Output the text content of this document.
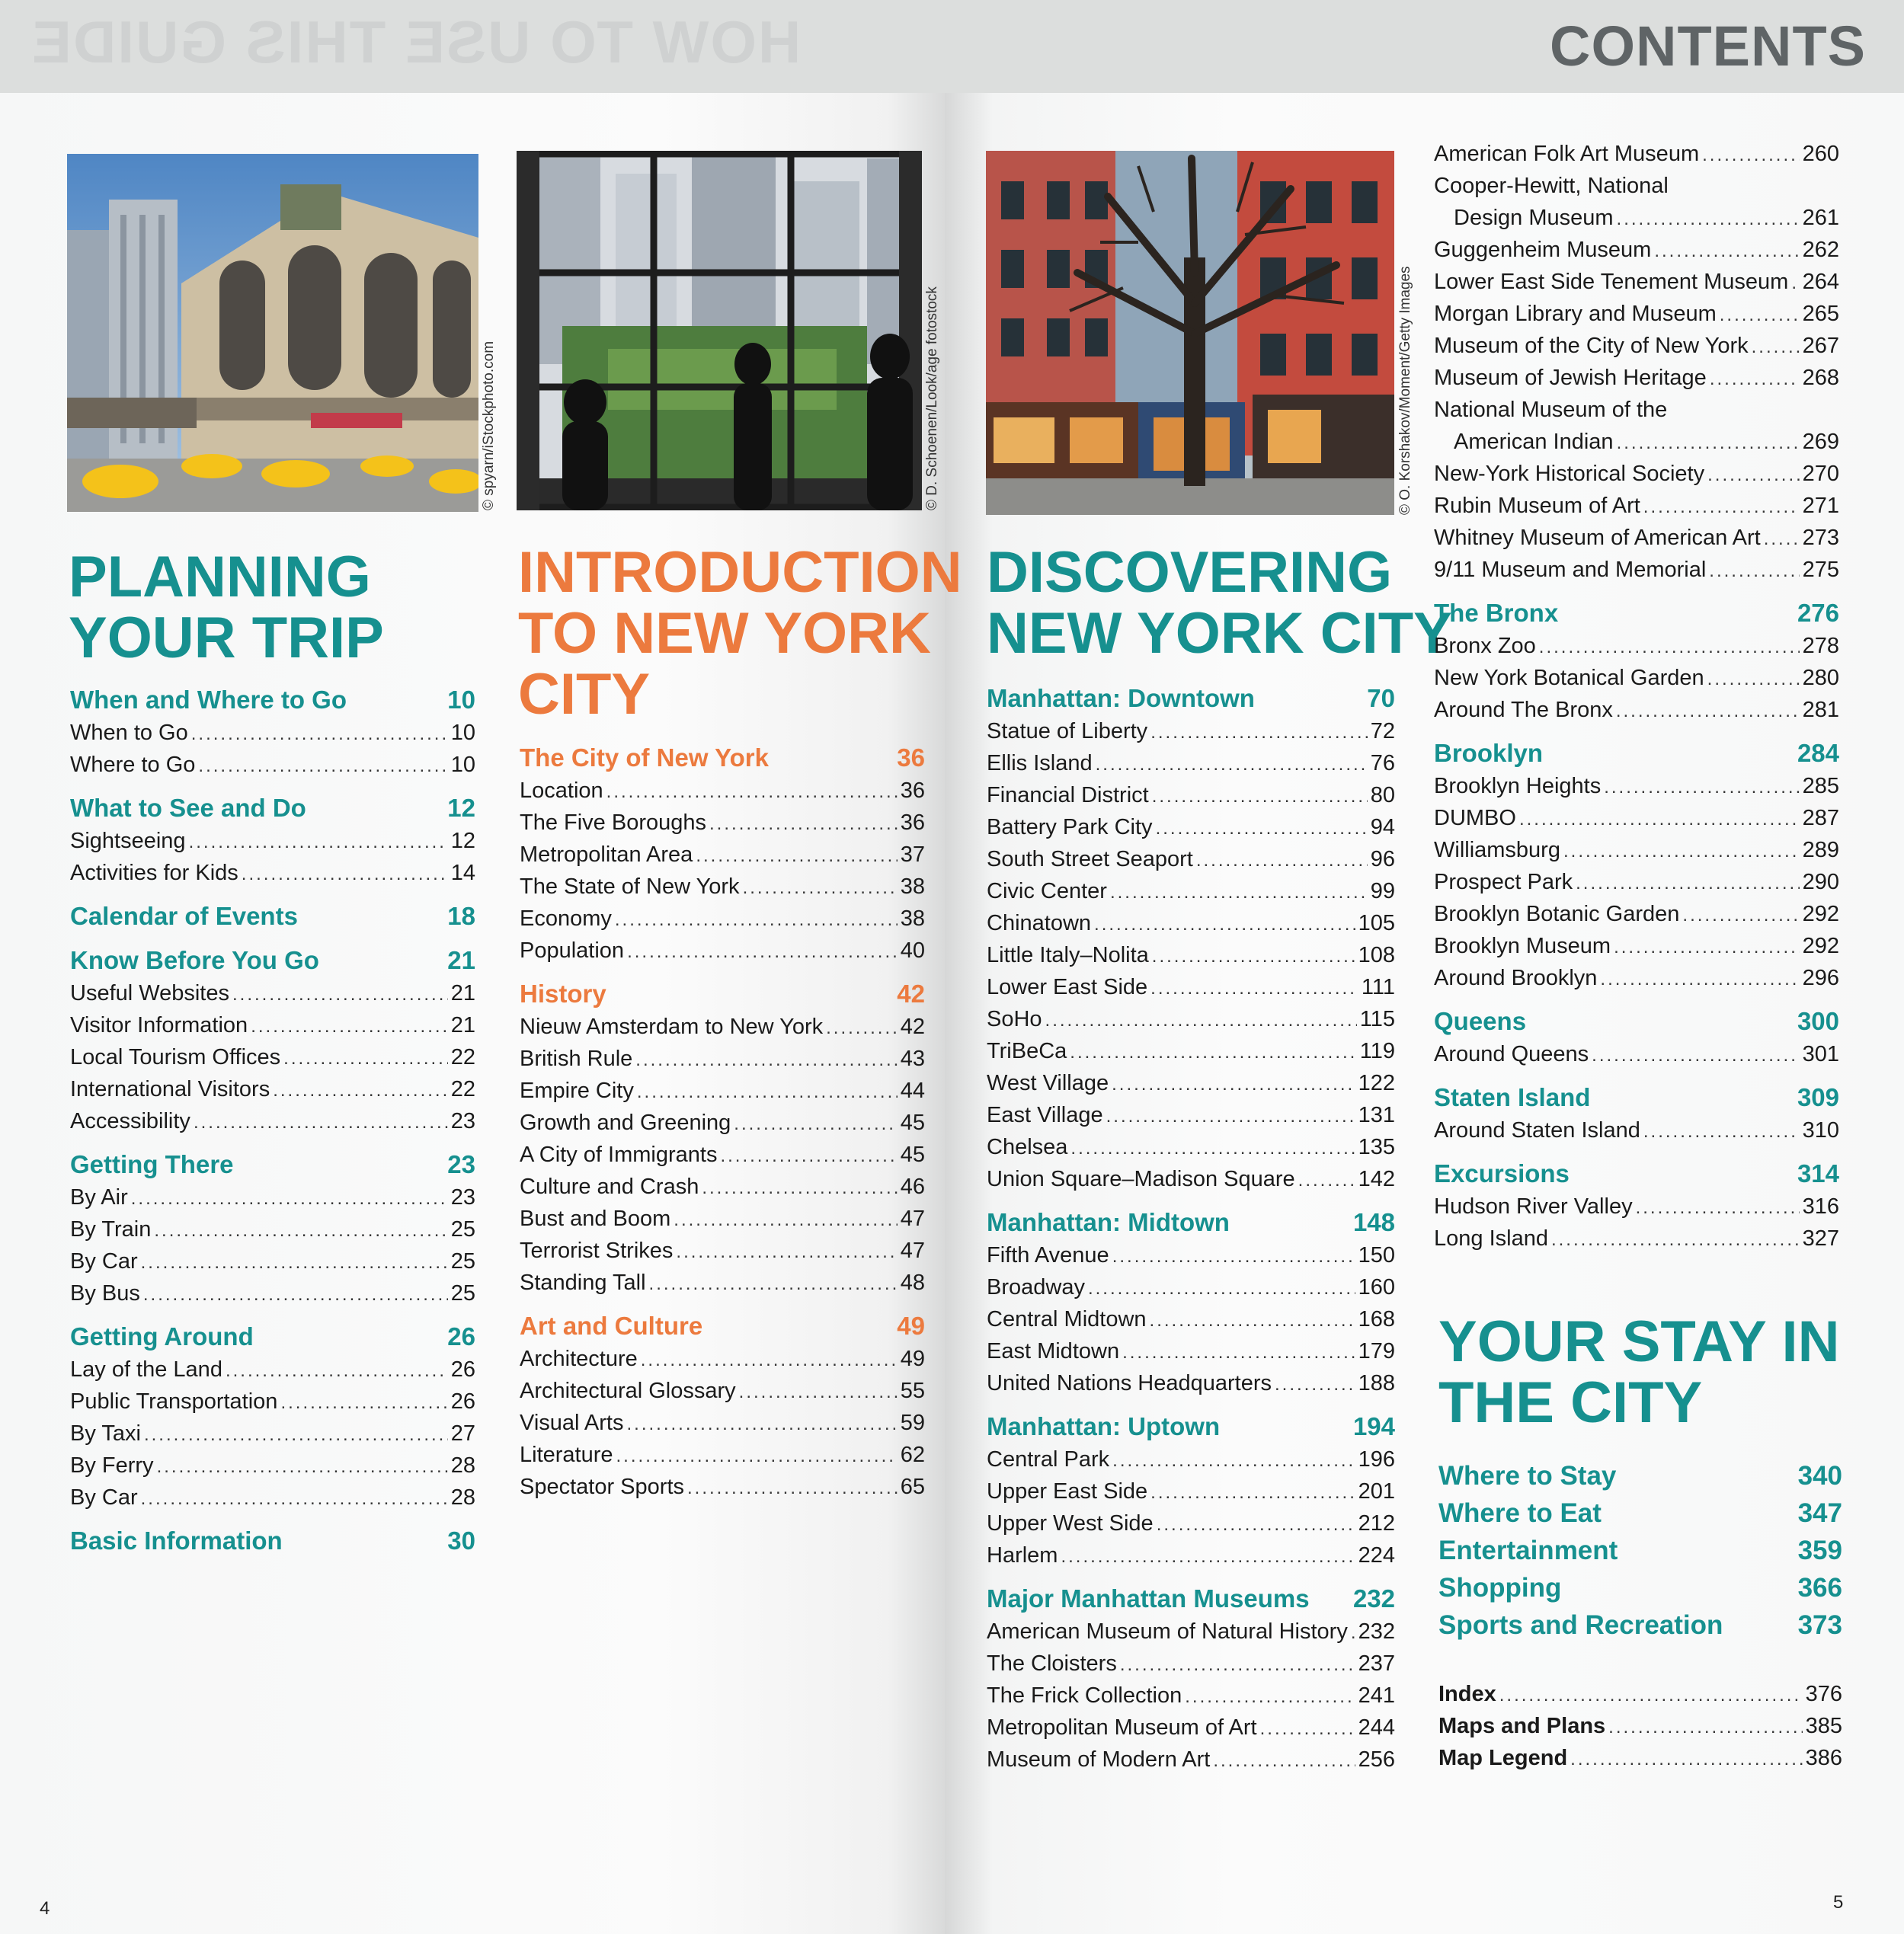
HOW TO USE THIS GUIDE	CONTENTS
© spyarn/iStockphoto.com	© D. Schoenen/Look/age fotostock	© O. Korshakov/Moment/Getty Images
PLANNING
YOUR TRIP
INTRODUCTION
TO NEW YORK
CITY
DISCOVERING
NEW YORK CITY
YOUR STAY IN
THE CITY
When and Where to Go	10
When to Go .....	10
Where to Go .....	10
What to See and Do	12
Sightseeing .....	12
Activities for Kids .....	14
Calendar of Events	18
Know Before You Go	21
Useful Websites .....	21
Visitor Information .....	21
Local Tourism Offices .....	22
International Visitors .....	22
Accessibility .....	23
Getting There	23
By Air .....	23
By Train .....	25
By Car .....	25
By Bus .....	25
Getting Around	26
Lay of the Land .....	26
Public Transportation .....	26
By Taxi .....	27
By Ferry .....	28
By Car .....	28
Basic Information	30
The City of New York	36
Location .....	36
The Five Boroughs .....	36
Metropolitan Area .....	37
The State of New York .....	38
Economy .....	38
Population .....	40
History	42
Nieuw Amsterdam to New York .....	42
British Rule .....	43
Empire City .....	44
Growth and Greening .....	45
A City of Immigrants .....	45
Culture and Crash .....	46
Bust and Boom .....	47
Terrorist Strikes .....	47
Standing Tall .....	48
Art and Culture	49
Architecture .....	49
Architectural Glossary .....	55
Visual Arts .....	59
Literature .....	62
Spectator Sports .....	65
Manhattan: Downtown	70
Statue of Liberty .....	72
Ellis Island .....	76
Financial District .....	80
Battery Park City .....	94
South Street Seaport .....	96
Civic Center .....	99
Chinatown .....	105
Little Italy–Nolita .....	108
Lower East Side .....	111
SoHo .....	115
TriBeCa .....	119
West Village .....	122
East Village .....	131
Chelsea .....	135
Union Square–Madison Square .....	142
Manhattan: Midtown	148
Fifth Avenue .....	150
Broadway .....	160
Central Midtown .....	168
East Midtown .....	179
United Nations Headquarters .....	188
Manhattan: Uptown	194
Central Park .....	196
Upper East Side .....	201
Upper West Side .....	212
Harlem .....	224
Major Manhattan Museums 232
American Museum of Natural History ..... 232
The Cloisters .....	237
The Frick Collection .....	241
Metropolitan Museum of Art .....	244
Museum of Modern Art .....	256
American Folk Art Museum .....	260
Cooper-Hewitt, National
Design Museum .....	261
Guggenheim Museum .....	262
Lower East Side Tenement Museum ..... 264
Morgan Library and Museum .....	265
Museum of the City of New York ..... 267
Museum of Jewish Heritage .....	268
National Museum of the
American Indian .....	269
New-York Historical Society .....	270
Rubin Museum of Art .....	271
Whitney Museum of American Art ..... 273
9/11 Museum and Memorial .....	275
The Bronx	276
Bronx Zoo .....	278
New York Botanical Garden .....	280
Around The Bronx .....	281
Brooklyn	284
Brooklyn Heights .....	285
DUMBO .....	287
Williamsburg .....	289
Prospect Park .....	290
Brooklyn Botanic Garden .....	292
Brooklyn Museum .....	292
Around Brooklyn .....	296
Queens	300
Around Queens .....	301
Staten Island	309
Around Staten Island .....	310
Excursions	314
Hudson River Valley .....	316
Long Island .....	327
Where to Stay	340
Where to Eat	347
Entertainment	359
Shopping	366
Sports and Recreation	373
Index .....	376
Maps and Plans .....	385
Map Legend .....	386
4	5
